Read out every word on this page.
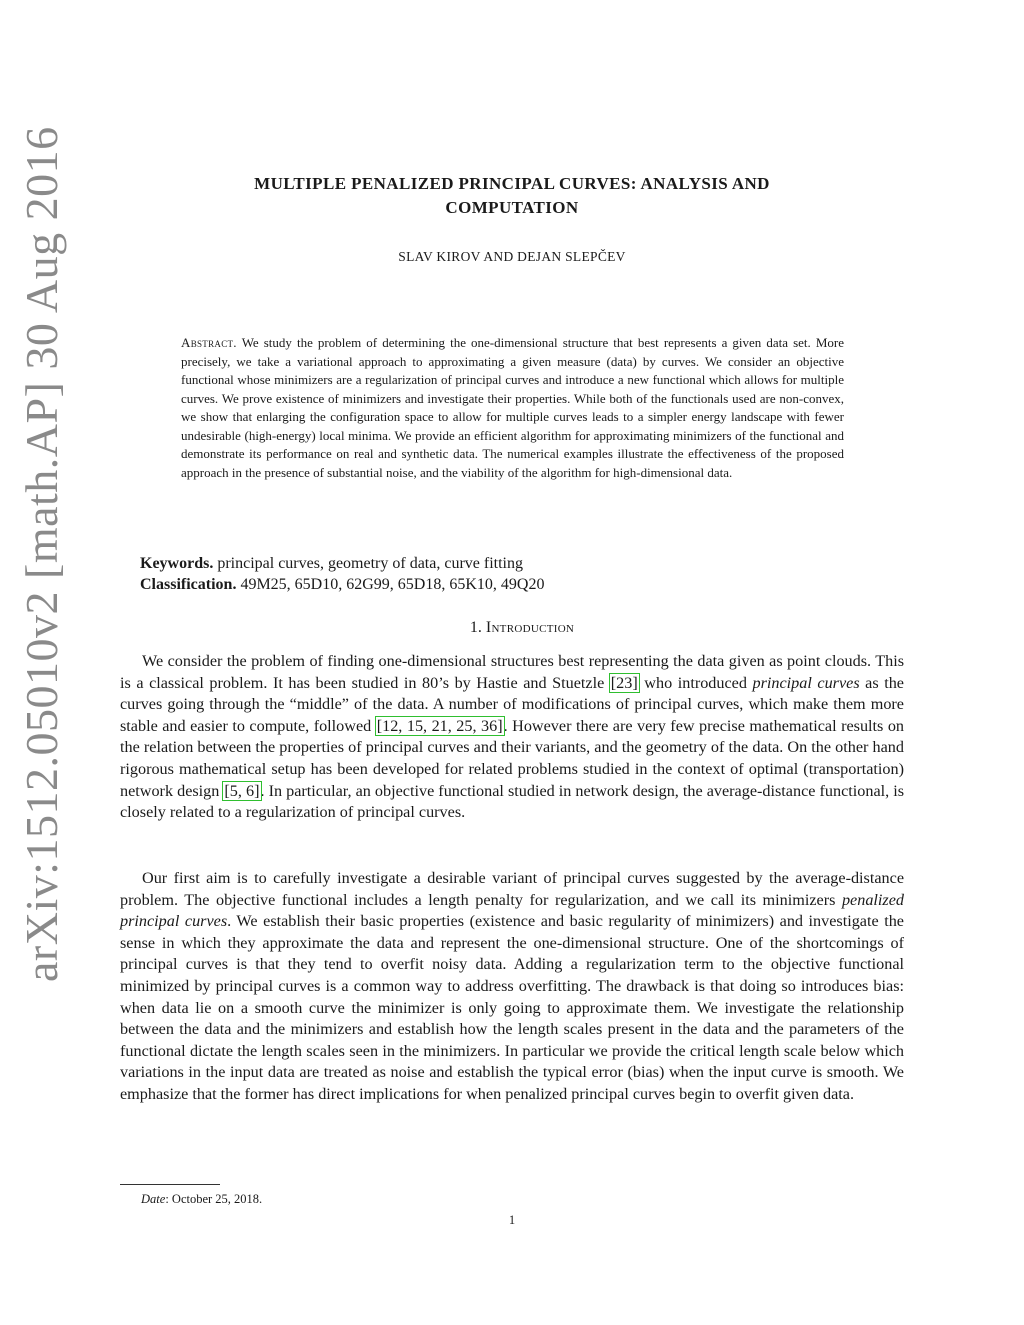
arXiv:1512.05010v2 [math.AP] 30 Aug 2016	MULTIPLE PENALIZED PRINCIPAL CURVES: ANALYSIS AND
COMPUTATION
SLAV KIROV AND DEJAN SLEPČEV
Abstract. We study the problem of determining the one-dimensional structure that best represents a given data set. More precisely, we take a variational approach to approximating a given measure (data) by curves. We consider an objective functional whose minimizers are a regularization of principal curves and introduce a new functional which allows for multiple curves. We prove existence of minimizers and investigate their properties. While both of the functionals used are non-convex, we show that enlarging the configuration space to allow for multiple curves leads to a simpler energy landscape with fewer undesirable (high-energy) local minima. We provide an efficient algorithm for approximating minimizers of the functional and demonstrate its performance on real and synthetic data. The numerical examples illustrate the effectiveness of the proposed approach in the presence of substantial noise, and the viability of the algorithm for high-dimensional data.
Keywords. principal curves, geometry of data, curve fitting
Classification. 49M25, 65D10, 62G99, 65D18, 65K10, 49Q20
1. Introduction

We consider the problem of finding one-dimensional structures best representing the data given as point clouds. This is a classical problem. It has been studied in 80’s by Hastie and Stuetzle [23] who introduced principal curves as the curves going through the “middle” of the data. A number of modifications of principal curves, which make them more stable and easier to compute, followed [12, 15, 21, 25, 36]. However there are very few precise mathematical results on the relation between the properties of principal curves and their variants, and the geometry of the data. On the other hand rigorous mathematical setup has been developed for related problems studied in the context of optimal (transportation) network design [5, 6]. In particular, an objective functional studied in network design, the average-distance functional, is closely related to a regularization of principal curves.

Our first aim is to carefully investigate a desirable variant of principal curves suggested by the average-distance problem. The objective functional includes a length penalty for regularization, and we call its minimizers penalized principal curves. We establish their basic properties (existence and basic regularity of minimizers) and investigate the sense in which they approximate the data and represent the one-dimensional structure. One of the shortcomings of principal curves is that they tend to overfit noisy data. Adding a regularization term to the objective functional minimized by principal curves is a common way to address overfitting. The drawback is that doing so introduces bias: when data lie on a smooth curve the minimizer is only going to approximate them. We investigate the relationship between the data and the minimizers and establish how the length scales present in the data and the parameters of the functional dictate the length scales seen in the minimizers. In particular we provide the critical length scale below which variations in the input data are treated as noise and establish the typical error (bias) when the input curve is smooth. We emphasize that the former has direct implications for when penalized principal curves begin to overfit given data.

Date: October 25, 2018.
1
